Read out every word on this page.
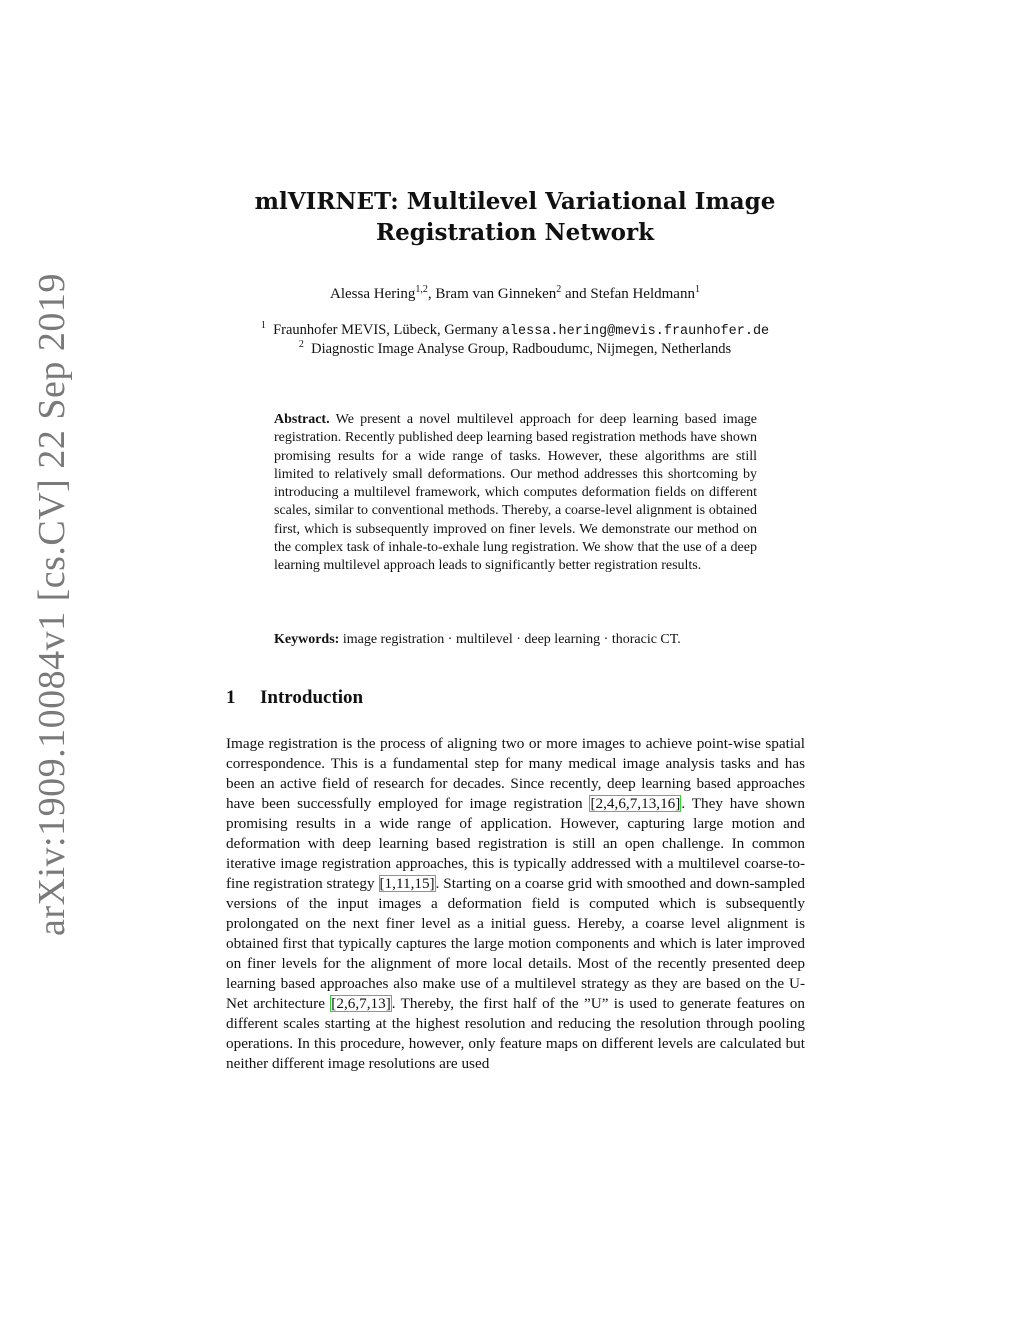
arXiv:1909.10084v1 [cs.CV] 22 Sep 2019
mlVIRNET: Multilevel Variational Image
Registration Network
Alessa Hering$^{1,2}$, Bram van Ginneken$^2$ and Stefan Heldmann$^1$
$^1$ Fraunhofer MEVIS, Lübeck, Germany alessa.hering@mevis.fraunhofer.de
$^2$ Diagnostic Image Analyse Group, Radboudumc, Nijmegen, Netherlands
Abstract. We present a novel multilevel approach for deep learning based image registration. Recently published deep learning based registration methods have shown promising results for a wide range of tasks. However, these algorithms are still limited to relatively small deformations. Our method addresses this shortcoming by introducing a multilevel framework, which computes deformation fields on different scales, similar to conventional methods. Thereby, a coarse-level alignment is obtained first, which is subsequently improved on finer levels. We demonstrate our method on the complex task of inhale-to-exhale lung registration. We show that the use of a deep learning multilevel approach leads to significantly better registration results.
Keywords: image registration · multilevel · deep learning · thoracic CT.
1 Introduction
Image registration is the process of aligning two or more images to achieve point-wise spatial correspondence. This is a fundamental step for many medical image analysis tasks and has been an active field of research for decades. Since recently, deep learning based approaches have been successfully employed for image registration [2,4,6,7,13,16]. They have shown promising results in a wide range of application. However, capturing large motion and deformation with deep learning based registration is still an open challenge. In common iterative image registration approaches, this is typically addressed with a multilevel coarse-to-fine registration strategy [1,11,15]. Starting on a coarse grid with smoothed and down-sampled versions of the input images a deformation field is computed which is subsequently prolongated on the next finer level as a initial guess. Hereby, a coarse level alignment is obtained first that typically captures the large motion components and which is later improved on finer levels for the alignment of more local details. Most of the recently presented deep learning based approaches also make use of a multilevel strategy as they are based on the U-Net architecture [2,6,7,13]. Thereby, the first half of the ”U” is used to generate features on different scales starting at the highest resolution and reducing the resolution through pooling operations. In this procedure, however, only feature maps on different levels are calculated but neither different image resolutions are used
